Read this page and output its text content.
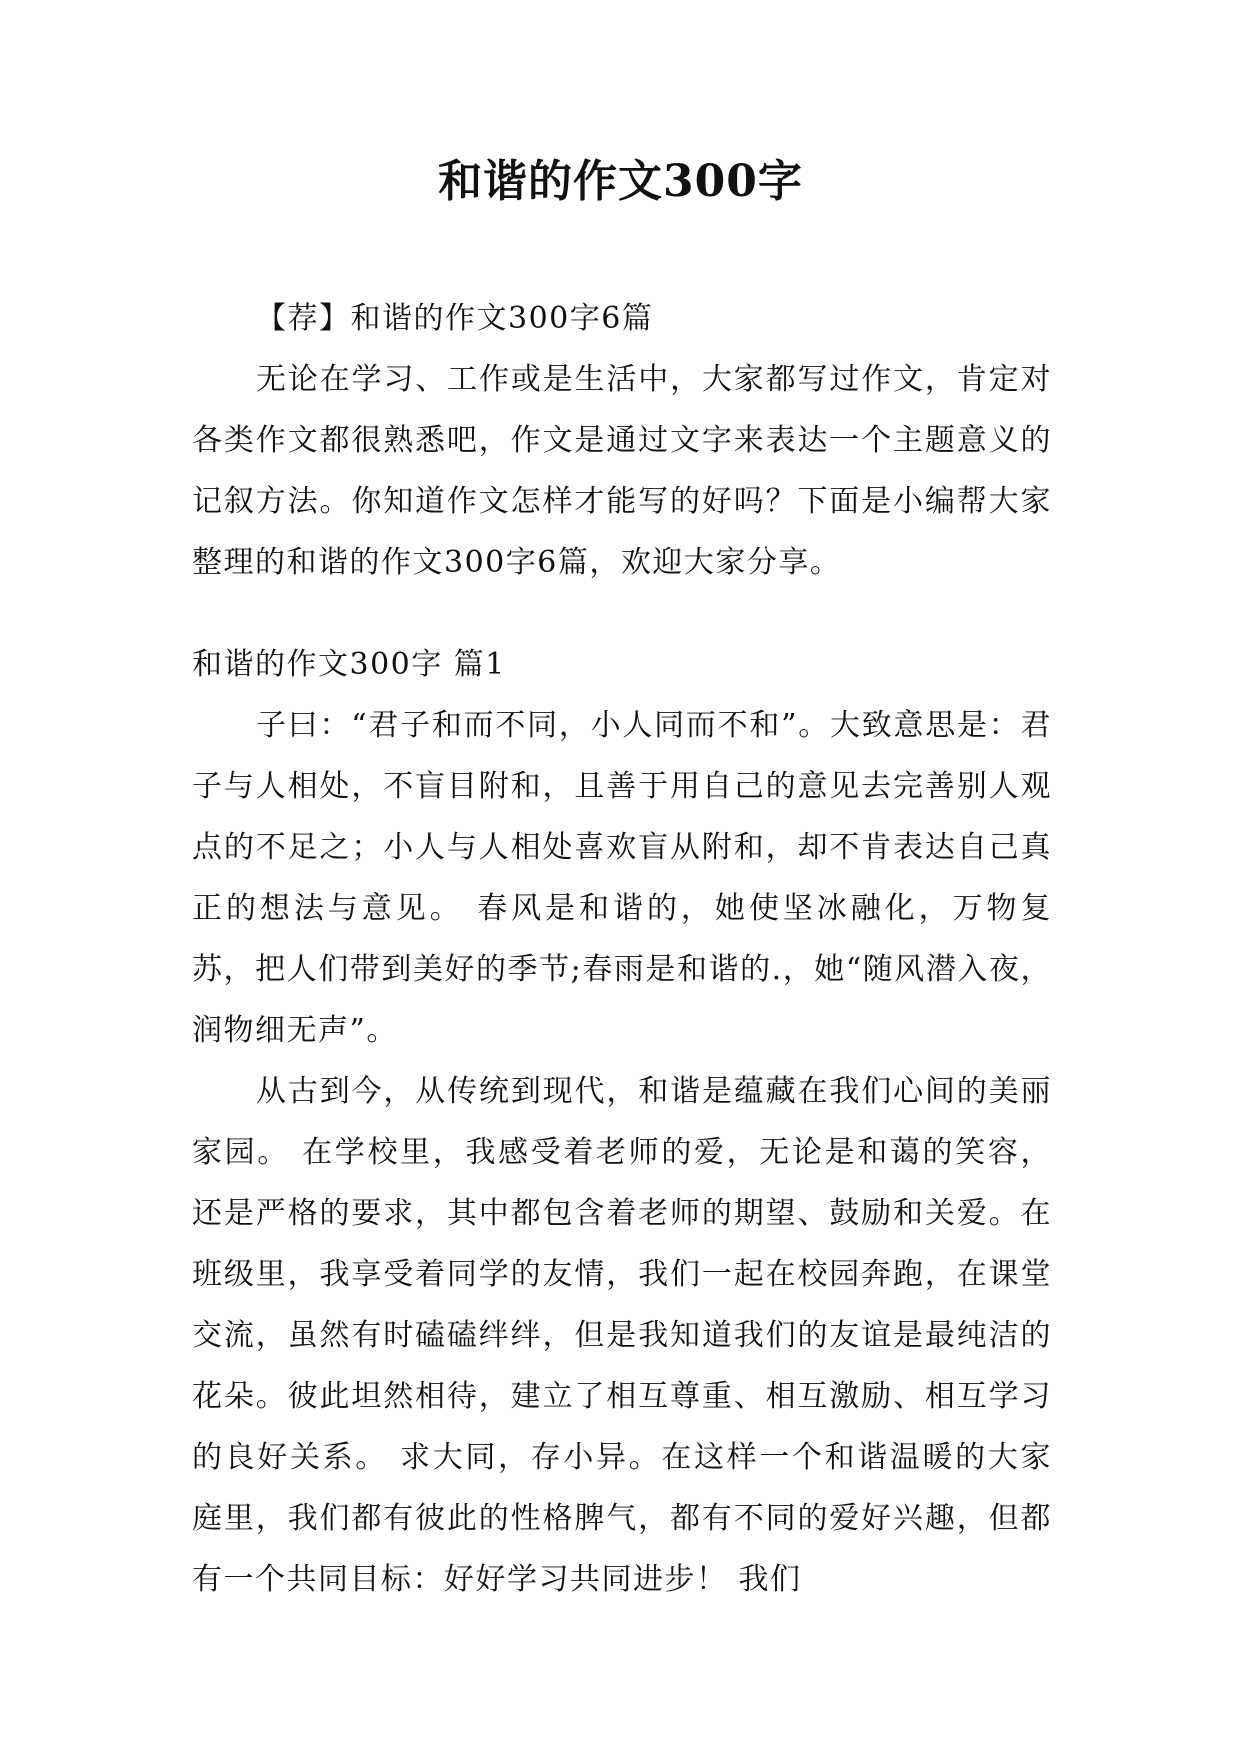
和谐的作文300字

【荐】和谐的作文300字6篇

无论在学习、工作或是生活中，大家都写过作文，肯定对各类作文都很熟悉吧，作文是通过文字来表达一个主题意义的记叙方法。你知道作文怎样才能写的好吗？下面是小编帮大家整理的和谐的作文300字6篇，欢迎大家分享。

和谐的作文300字 篇1

子曰：“君子和而不同，小人同而不和”。大致意思是：君子与人相处，不盲目附和，且善于用自己的意见去完善别人观点的不足之；小人与人相处喜欢盲从附和，却不肯表达自己真正的想法与意见。 春风是和谐的，她使坚冰融化，万物复苏，把人们带到美好的季节;春雨是和谐的.，她“随风潜入夜，润物细无声”。

从古到今，从传统到现代，和谐是蕴藏在我们心间的美丽家园。 在学校里，我感受着老师的爱，无论是和蔼的笑容，还是严格的要求，其中都包含着老师的期望、鼓励和关爱。在班级里，我享受着同学的友情，我们一起在校园奔跑，在课堂交流，虽然有时磕磕绊绊，但是我知道我们的友谊是最纯洁的花朵。彼此坦然相待，建立了相互尊重、相互激励、相互学习的良好关系。 求大同，存小异。在这样一个和谐温暖的大家庭里，我们都有彼此的性格脾气，都有不同的爱好兴趣，但都有一个共同目标：好好学习共同进步！ 我们
